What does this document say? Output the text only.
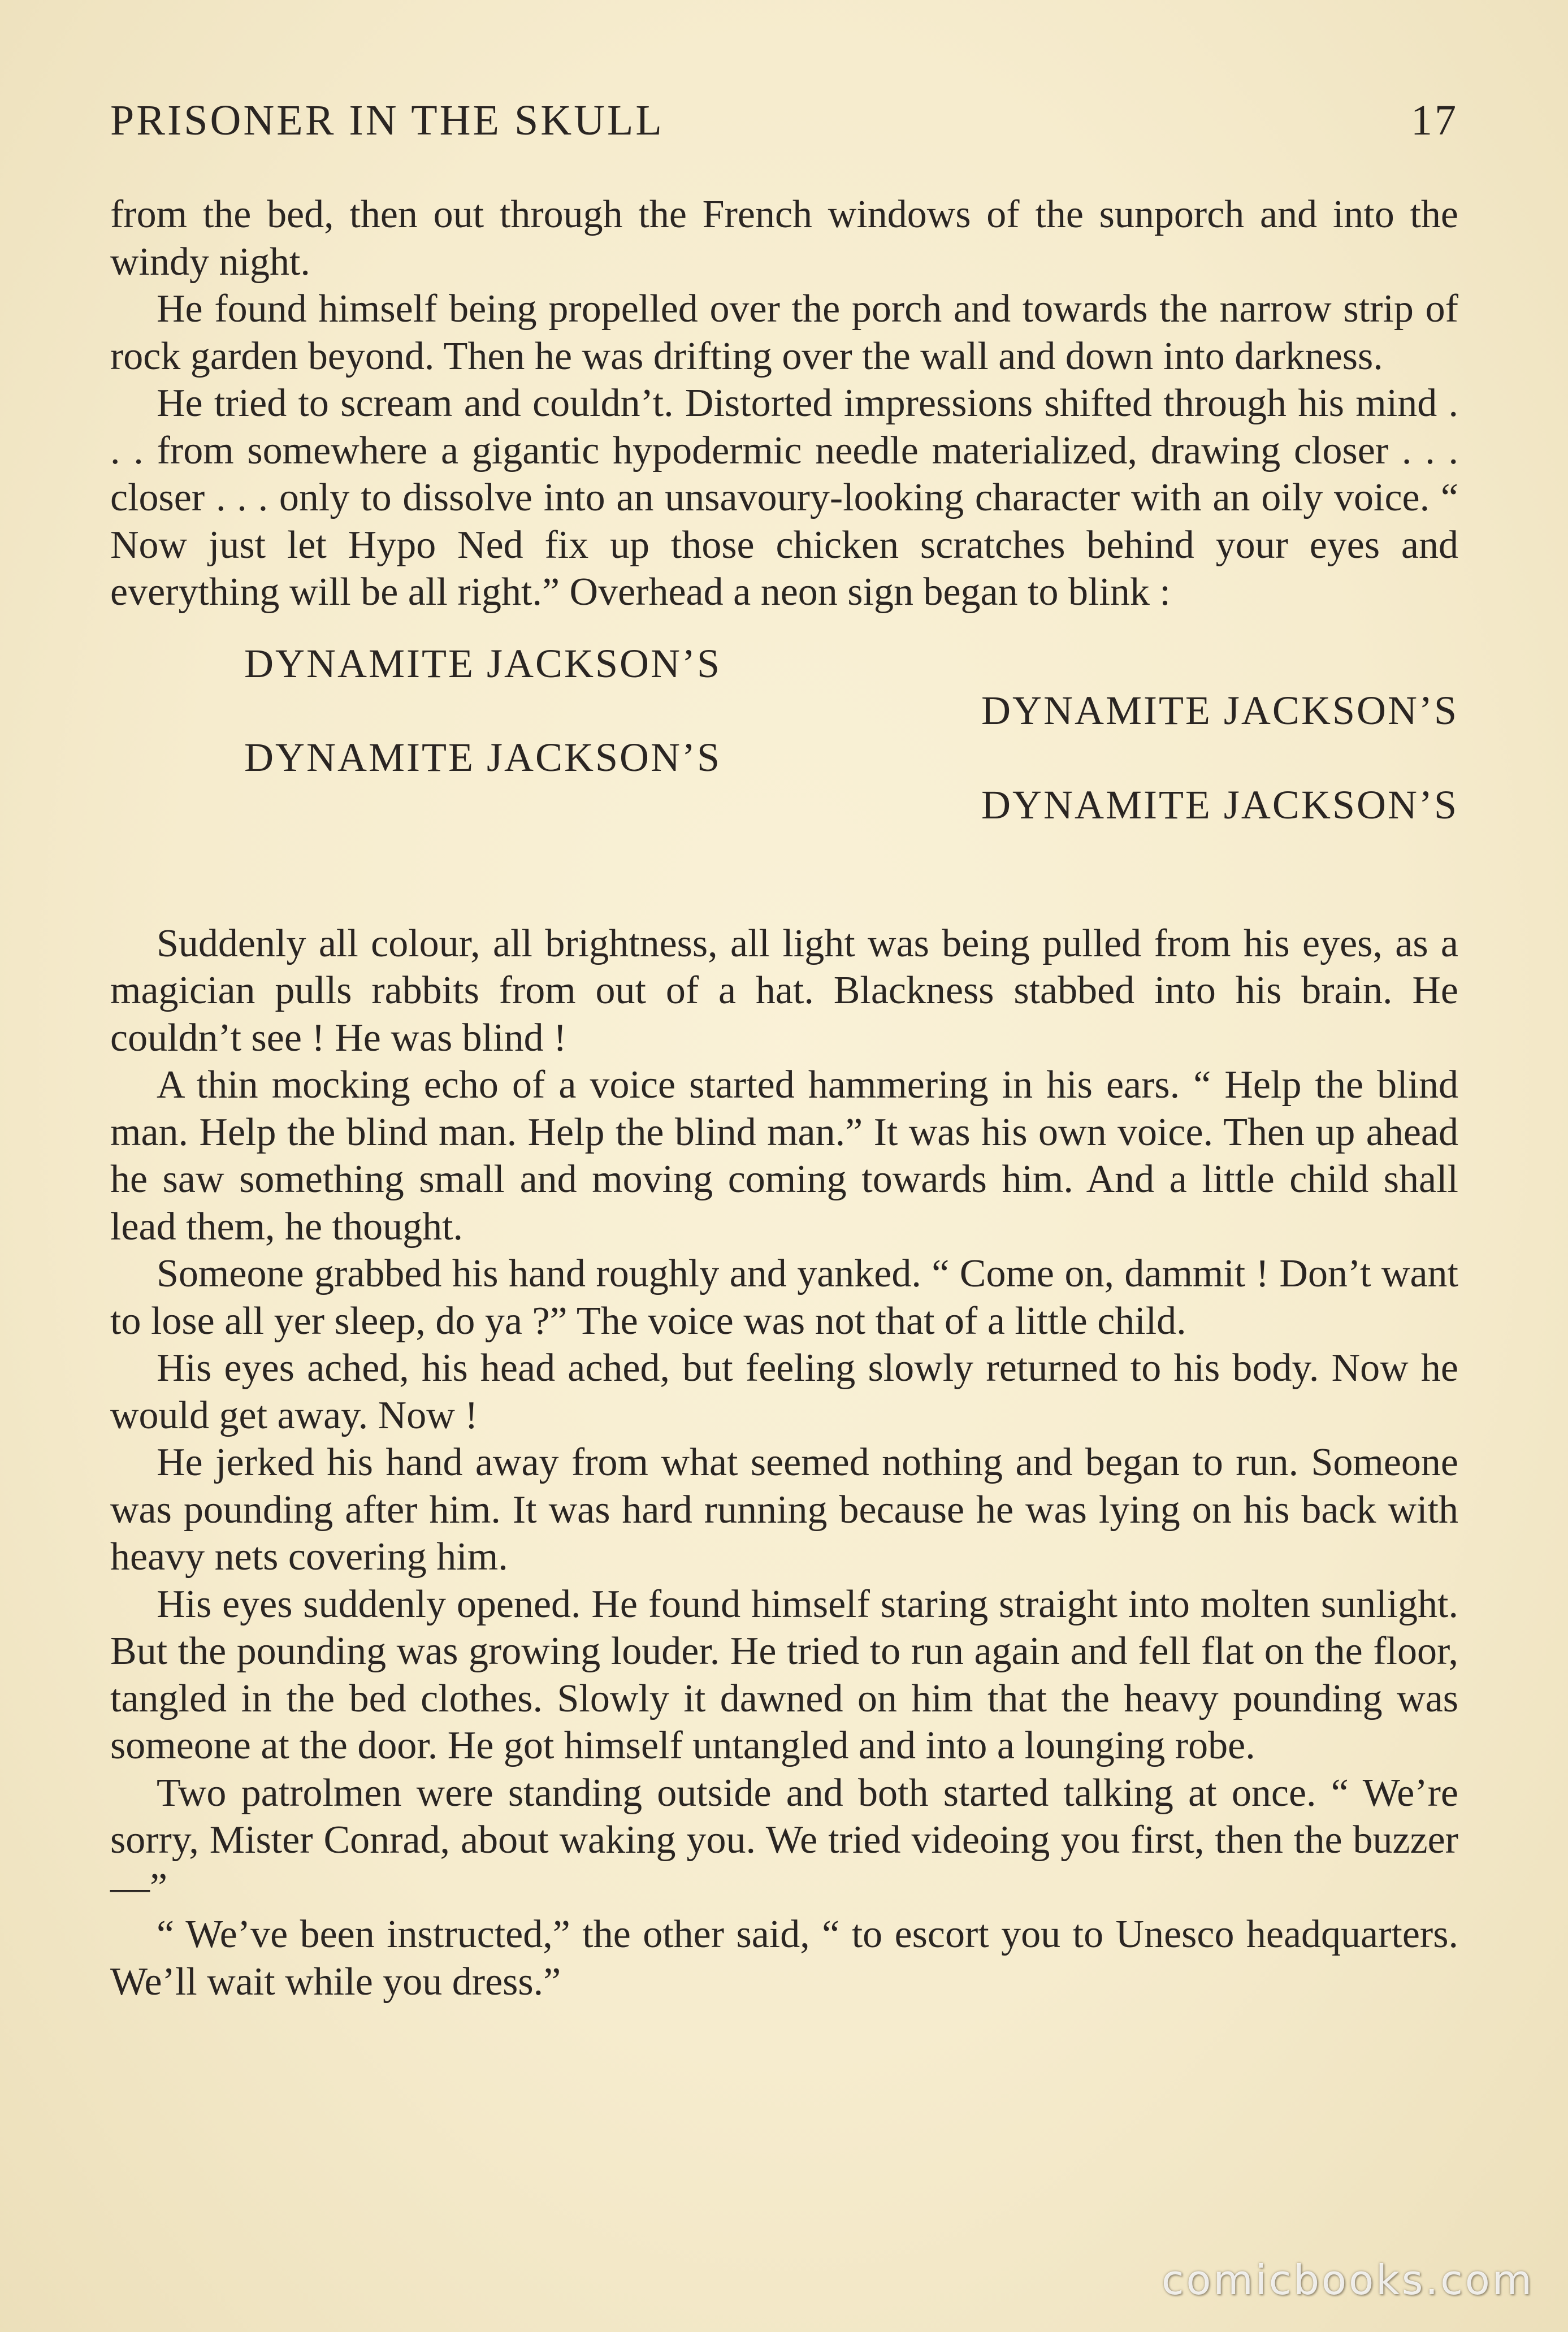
PRISONER IN THE SKULL	17

from the bed, then out through the French windows of the sunporch and into the windy night.

He found himself being propelled over the porch and towards the narrow strip of rock garden beyond. Then he was drifting over the wall and down into darkness.

He tried to scream and couldn’t. Distorted impressions shifted through his mind . . . from somewhere a gigantic hypodermic needle materialized, drawing closer . . . closer . . . only to dissolve into an unsavoury-looking character with an oily voice. “ Now just let Hypo Ned fix up those chicken scratches behind your eyes and everything will be all right.” Overhead a neon sign began to blink :

DYNAMITE JACKSON’S
DYNAMITE JACKSON’S
DYNAMITE JACKSON’S
DYNAMITE JACKSON’S

Suddenly all colour, all brightness, all light was being pulled from his eyes, as a magician pulls rabbits from out of a hat. Blackness stabbed into his brain. He couldn’t see ! He was blind !

A thin mocking echo of a voice started hammering in his ears. “ Help the blind man. Help the blind man. Help the blind man.” It was his own voice. Then up ahead he saw something small and moving coming towards him. And a little child shall lead them, he thought.

Someone grabbed his hand roughly and yanked. “ Come on, dammit ! Don’t want to lose all yer sleep, do ya ?” The voice was not that of a little child.

His eyes ached, his head ached, but feeling slowly returned to his body. Now he would get away. Now !

He jerked his hand away from what seemed nothing and began to run. Someone was pounding after him. It was hard running because he was lying on his back with heavy nets covering him.

His eyes suddenly opened. He found himself staring straight into molten sunlight. But the pounding was growing louder. He tried to run again and fell flat on the floor, tangled in the bed clothes. Slowly it dawned on him that the heavy pounding was someone at the door. He got himself untangled and into a lounging robe.

Two patrolmen were standing outside and both started talking at once. “ We’re sorry, Mister Conrad, about waking you. We tried videoing you first, then the buzzer—”

“ We’ve been instructed,” the other said, “ to escort you to Unesco headquarters. We’ll wait while you dress.”

comicbooks.com
